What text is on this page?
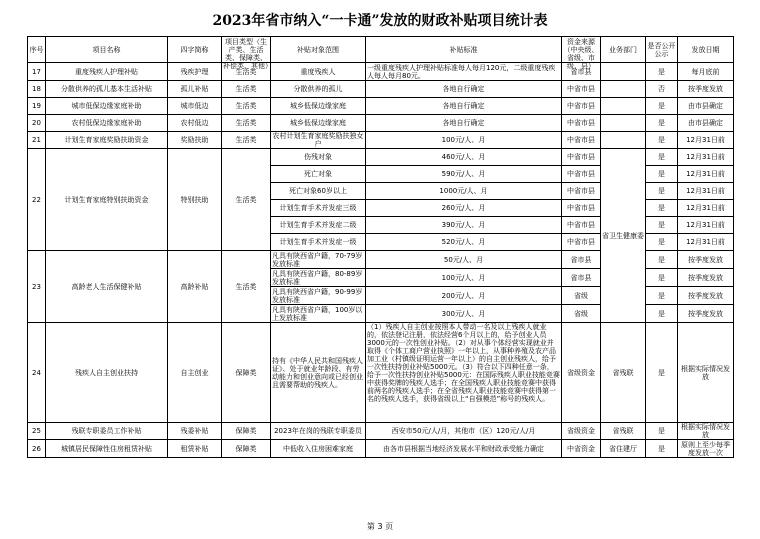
2023年省市纳入“一卡通”发放的财政补贴项目统计表
序号	项目名称	四字简称	项目类型（生产类、生活类、保障类、补偿类、其他）	补贴对象范围	补贴标准	资金来源（中央级、省级、市级、县）	业务部门	是否公开公示	发放日期
17	重度残疾人护理补贴	残疾护理	生活类	重度残疾人	一级重度残疾人护理补贴标准每人每月120元，二级重度残疾人每人每月80元。	省市县		是	每月底前
18	分散供养的孤儿基本生活补贴	孤儿补贴	生活类	分散供养的孤儿	各地自行确定	中省市县		否	按季度发放
19	城市低保边缘家庭补助	城市低边	生活类	城乡低保边缘家庭	各地自行确定	中省市县		是	由市县确定
20	农村低保边缘家庭补助	农村低边	生活类	城乡低保边缘家庭	各地自行确定	中省市县		是	由市县确定
21	计划生育家庭奖励扶助资金	奖励扶助	生活类	农村计划生育家庭奖励扶独女户	100元/人、月	中省市县		是	12月31日前
22	计划生育家庭特别扶助资金	特别扶助	生活类	伤残对象	460元/人、月	中省市县	省卫生健康委	是	12月31日前
				死亡对象	590元/人、月	中省市县		是	12月31日前
				死亡对象60岁以上	1000元/人、月	中省市县		是	12月31日前
				计划生育手术并发症三级	260元/人、月	中省市县		是	12月31日前
				计划生育手术并发症二级	390元/人、月	中省市县		是	12月31日前
				计划生育手术并发症一级	520元/人、月	中省市县		是	12月31日前
23	高龄老人生活保健补贴	高龄补贴	生活类	凡具有陕西省户籍，70-79岁发放标准	50元/人、月	省市县		是	按季度发放
				凡具有陕西省户籍，80-89岁发放标准	100元/人、月	省市县		是	按季度发放
				凡具有陕西省户籍，90-99岁发放标准	200元/人、月	省级		是	按季度发放
				凡具有陕西省户籍，100岁以上发放标准	300元/人、月	省级		是	按季度发放
24	残疾人自主创业扶持	自主创业	保障类	持有《中华人民共和国残疾人证》、处于就业年龄段、有劳动能力和创业意向或已经创业且需要帮助的残疾人。	（1）残疾人自主创业按照本人带动一名及以上残疾人就业的，依法登记注册，依法经营6个月以上的，给予创业人员3000元的一次性创业补贴。（2）对从事个体经营实现就业并取得《个体工商户营业执照》一年以上，从事种养殖及农产品加工业（村镇级证明运营一年以上）的自主创业残疾人，给予一次性扶持创业补贴5000元。（3）符合以下四种任意一条，给予一次性扶持创业补贴5000元：在国际残疾人职业技能竞赛中获得奖牌的残疾人选手；在全国残疾人职业技能竞赛中获得前两名的残疾人选手；在全省残疾人职业技能竞赛中获得第一名的残疾人选手，获得省级以上“自强模范”称号的残疾人。	省级资金	省残联	是	根据实际情况发放
25	残联专职委员工作补贴	残委补贴	保障类	2023年在岗的残联专职委员	西安市50元/人/月，其他市（区）120元/人/月	省级资金	省残联	是	根据实际情况发放

26	城镇居民保障性住房租赁补贴	租赁补贴	保障类	中低收入住房困难家庭	由各市县根据当地经济发展水平和财政承受能力确定	中省资金	省住建厅	是	原则上至少每季度发放一次
第 3 页
